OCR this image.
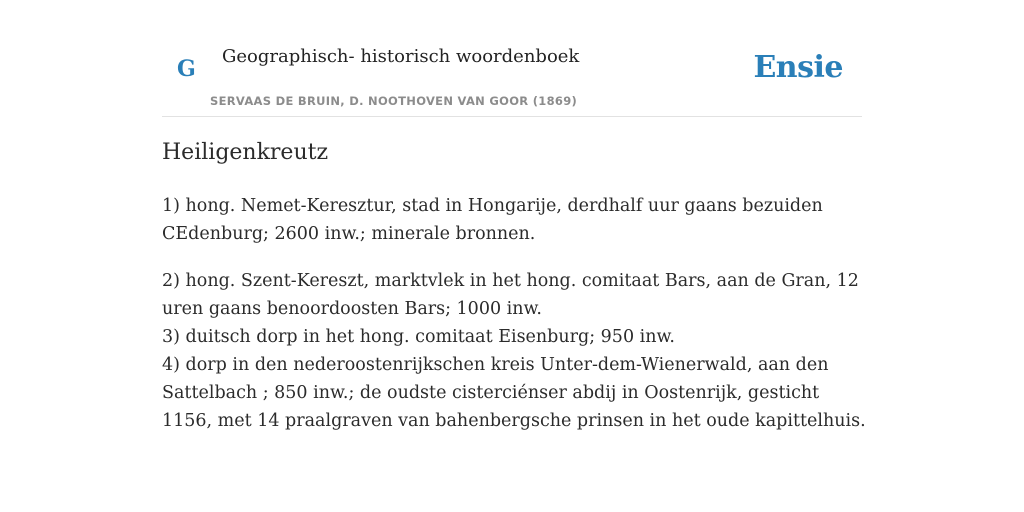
G Geographisch- historisch woordenboek
SERVAAS DE BRUIN, D. NOOTHOVEN VAN GOOR (1869)
Ensie
Heiligenkreutz

1) hong. Nemet-Keresztur, stad in Hongarije, derdhalf uur gaans bezuiden CEdenburg; 2600 inw.; minerale bronnen.

2) hong. Szent-Kereszt, marktvlek in het hong. comitaat Bars, aan de Gran, 12 uren gaans benoordoosten Bars; 1000 inw.

3) duitsch dorp in het hong. comitaat Eisenburg; 950 inw.

4) dorp in den nederoostenrijkschen kreis Unter-dem-Wienerwald, aan den Sattelbach ; 850 inw.; de oudste cisterciénser abdij in Oostenrijk, gesticht 1156, met 14 praalgraven van bahenbergsche prinsen in het oude kapittelhuis.
